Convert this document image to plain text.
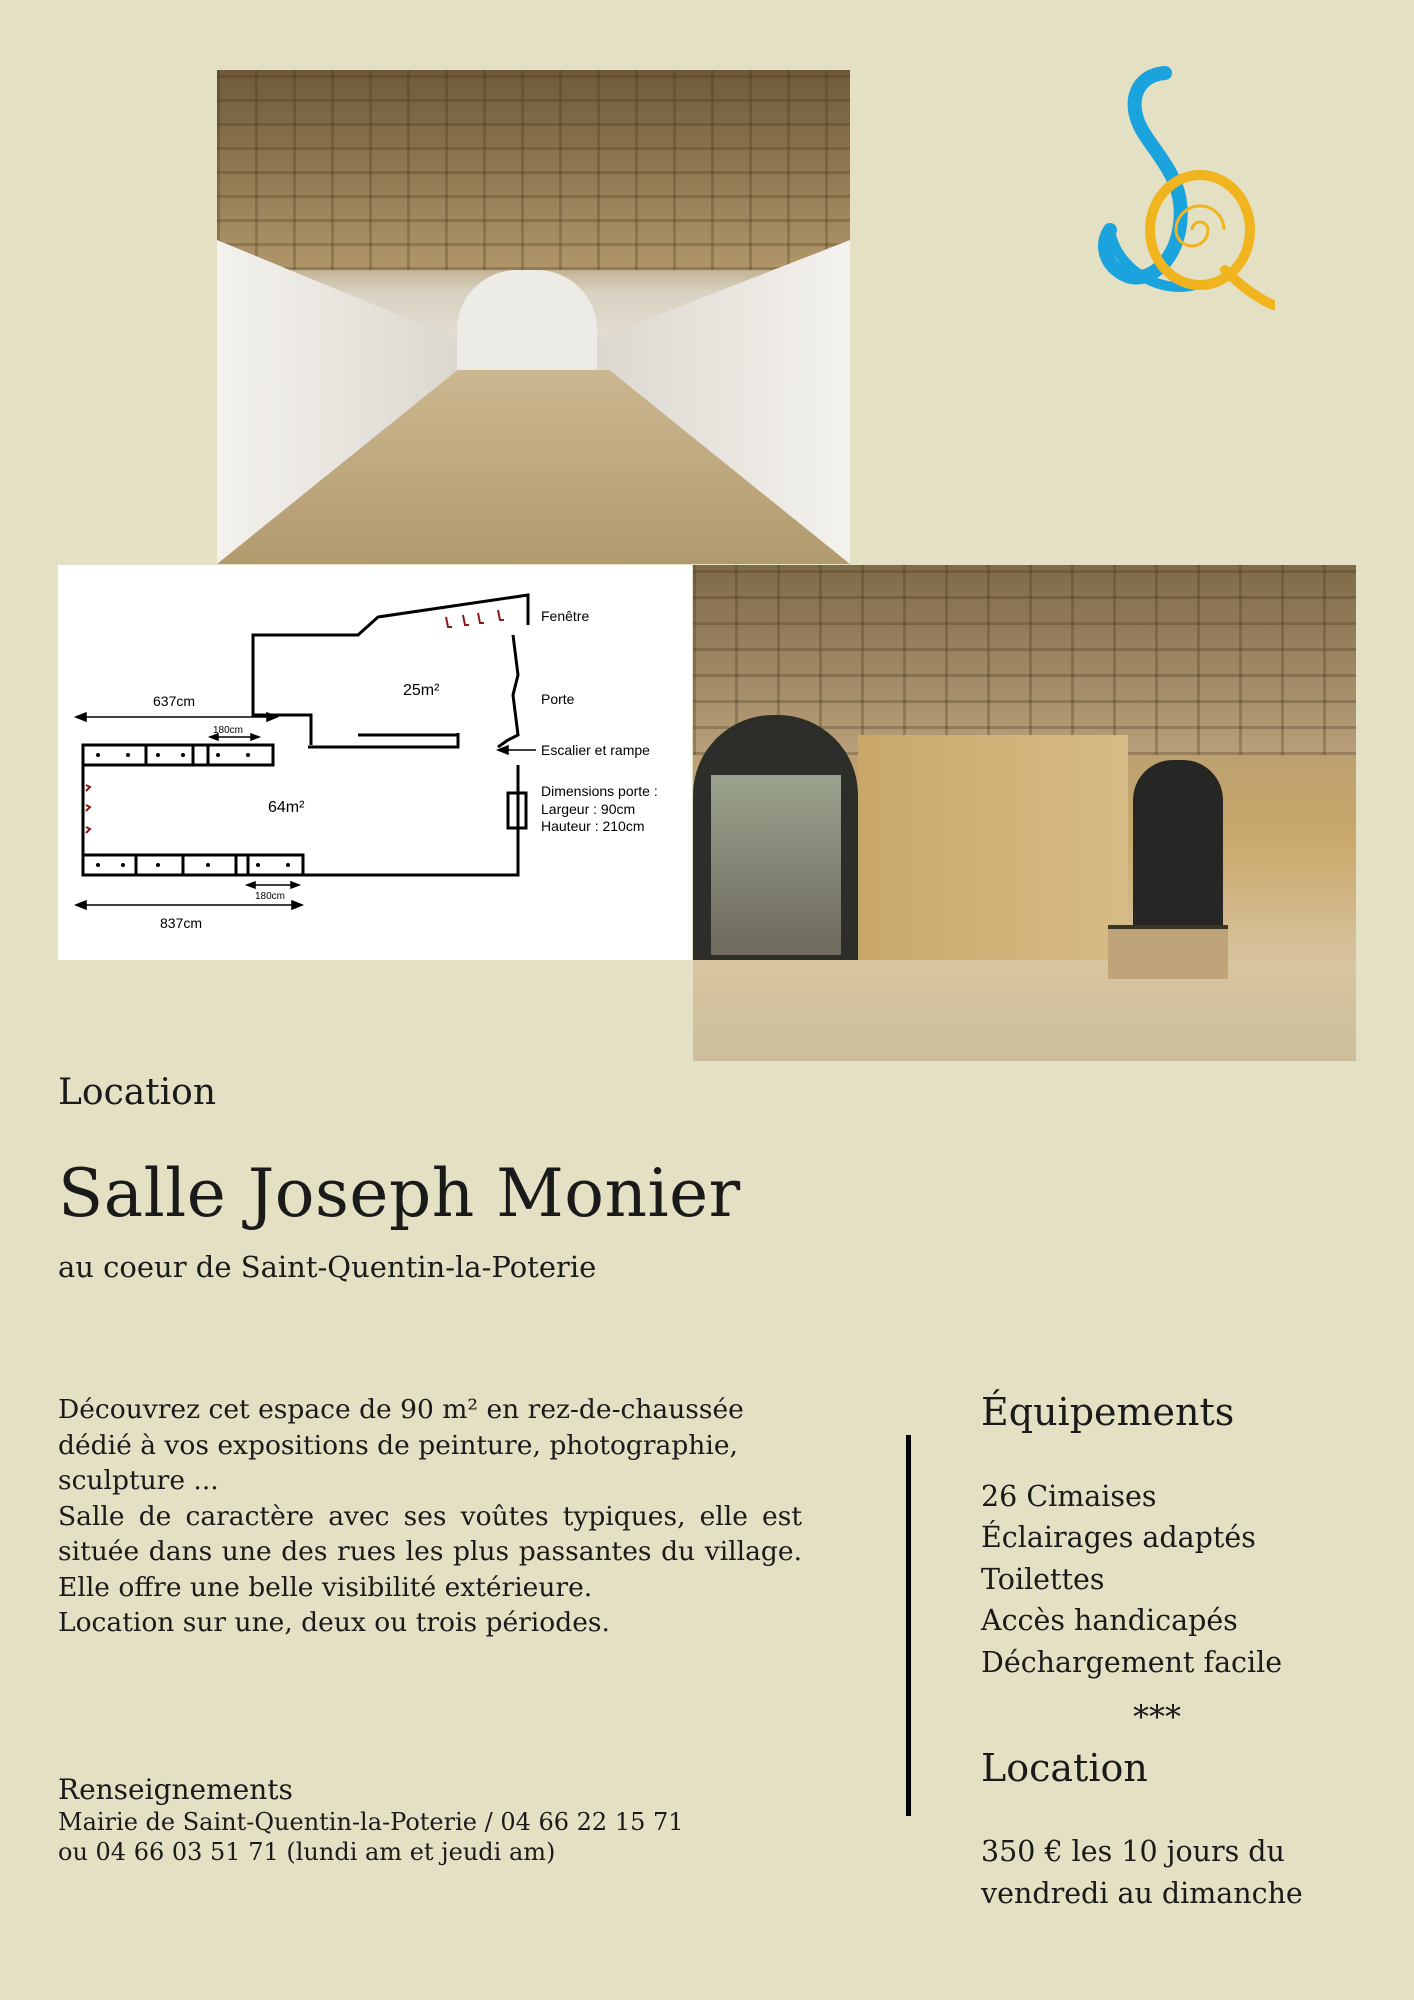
637cm
180cm
837cm
180cm
25m²
64m²
Fenêtre
Porte
Escalier et rampe
Dimensions porte :
Largeur : 90cm
Hauteur : 210cm
Location
Salle Joseph Monier
au coeur de Saint-Quentin-la-Poterie

Découvrez cet espace de 90 m² en rez-de-chaussée

dédié à vos expositions de peinture, photographie,

sculpture ...

Salle de caractère avec ses voûtes typiques, elle est

située dans une des rues les plus passantes du village.

Elle offre une belle visibilité extérieure.

Location sur une, deux ou trois périodes.

Renseignements
Mairie de Saint-Quentin-la-Poterie / 04 66 22 15 71
ou 04 66 03 51 71 (lundi am et jeudi am)
Équipements
26 Cimaises
Éclairages adaptés
Toilettes
Accès handicapés
Déchargement facile
***
Location
350 € les 10 jours du
vendredi au dimanche
